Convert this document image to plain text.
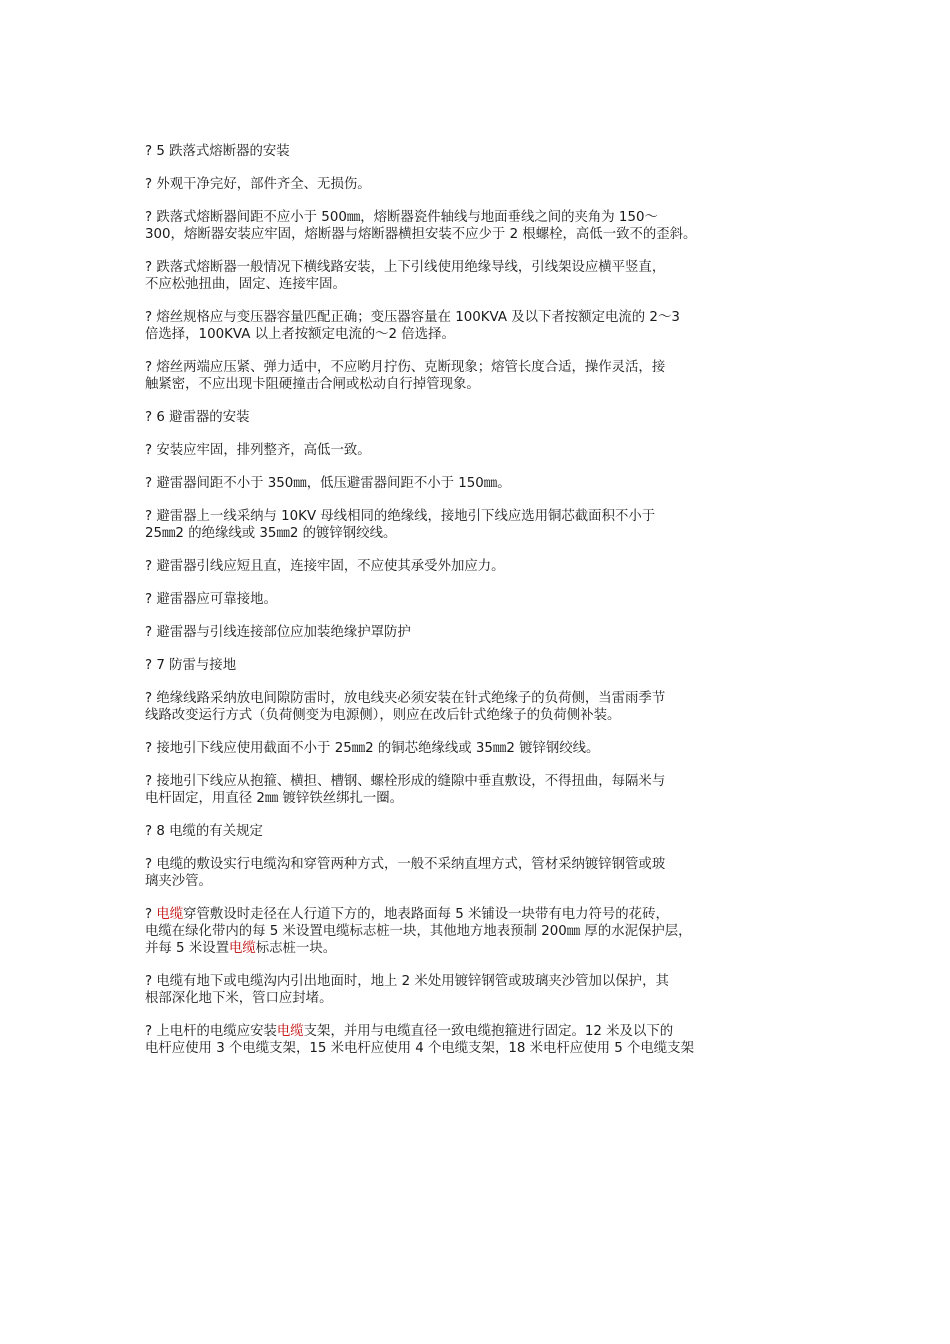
? 5 跌落式熔断器的安装

? 外观干净完好，部件齐全、无损伤。

? 跌落式熔断器间距不应小于 500㎜，熔断器瓷件轴线与地面垂线之间的夹角为 150～
300，熔断器安装应牢固，熔断器与熔断器横担安装不应少于 2 根螺栓，高低一致不的歪斜。

? 跌落式熔断器一般情况下横线路安装，上下引线使用绝缘导线，引线架设应横平竖直，
不应松弛扭曲，固定、连接牢固。

? 熔丝规格应与变压器容量匹配正确；变压器容量在 100KVA 及以下者按额定电流的 2～3
倍选择，100KVA 以上者按额定电流的～2 倍选择。

? 熔丝两端应压紧、弹力适中，不应哟月拧伤、克断现象；熔管长度合适，操作灵活，接
触紧密，不应出现卡阻硬撞击合闸或松动自行掉管现象。

? 6 避雷器的安装

? 安装应牢固，排列整齐，高低一致。

? 避雷器间距不小于 350㎜，低压避雷器间距不小于 150㎜。

? 避雷器上一线采纳与 10KV 母线相同的绝缘线，接地引下线应选用铜芯截面积不小于
25㎜2 的绝缘线或 35㎜2 的镀锌钢绞线。

? 避雷器引线应短且直，连接牢固，不应使其承受外加应力。

? 避雷器应可靠接地。

? 避雷器与引线连接部位应加装绝缘护罩防护

? 7 防雷与接地

? 绝缘线路采纳放电间隙防雷时，放电线夹必须安装在针式绝缘子的负荷侧，当雷雨季节
线路改变运行方式（负荷侧变为电源侧），则应在改后针式绝缘子的负荷侧补装。

? 接地引下线应使用截面不小于 25㎜2 的铜芯绝缘线或 35㎜2 镀锌钢绞线。

? 接地引下线应从抱箍、横担、槽钢、螺栓形成的缝隙中垂直敷设，不得扭曲，每隔米与
电杆固定，用直径 2㎜ 镀锌铁丝绑扎一圈。

? 8 电缆的有关规定

? 电缆的敷设实行电缆沟和穿管两种方式，一般不采纳直埋方式，管材采纳镀锌钢管或玻
璃夹沙管。

? 电缆穿管敷设时走径在人行道下方的，地表路面每 5 米铺设一块带有电力符号的花砖，
电缆在绿化带内的每 5 米设置电缆标志桩一块，其他地方地表预制 200㎜ 厚的水泥保护层，
并每 5 米设置电缆标志桩一块。

? 电缆有地下或电缆沟内引出地面时，地上 2 米处用镀锌钢管或玻璃夹沙管加以保护，其
根部深化地下米，管口应封堵。

? 上电杆的电缆应安装电缆支架，并用与电缆直径一致电缆抱箍进行固定。12 米及以下的
电杆应使用 3 个电缆支架，15 米电杆应使用 4 个电缆支架，18 米电杆应使用 5 个电缆支架
